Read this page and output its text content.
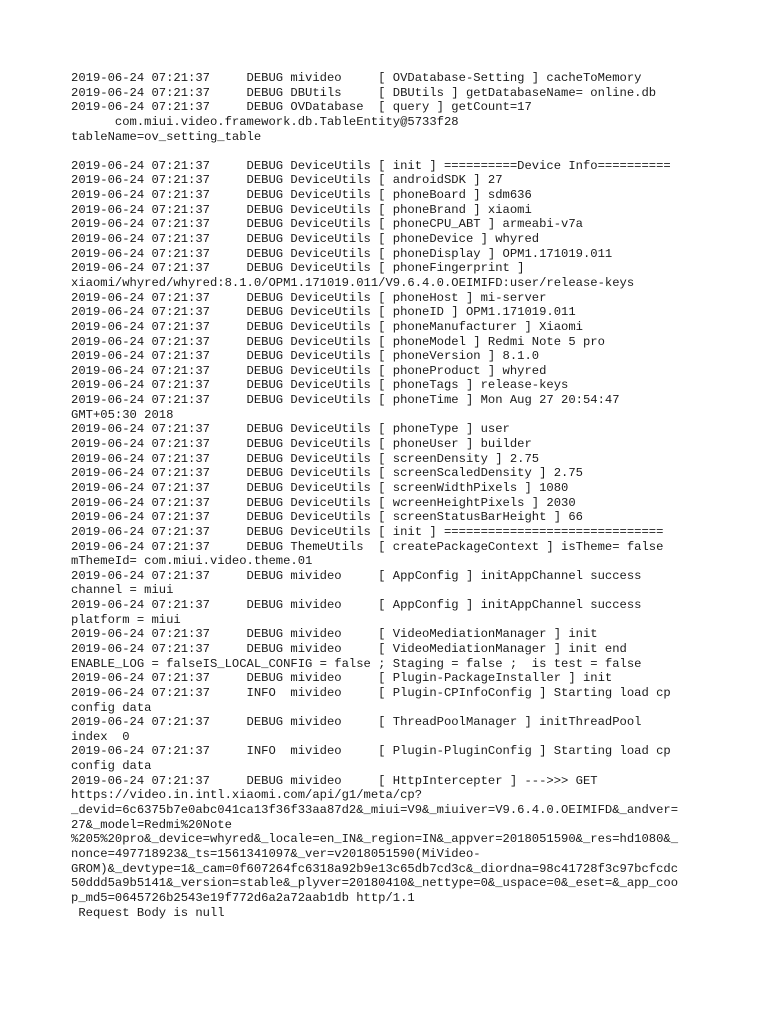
2019-06-24 07:21:37     DEBUG mivideo     [ OVDatabase-Setting ] cacheToMemory
2019-06-24 07:21:37     DEBUG DBUtils     [ DBUtils ] getDatabaseName= online.db
2019-06-24 07:21:37     DEBUG OVDatabase  [ query ] getCount=17
com.miui.video.framework.db.TableEntity@5733f28
tableName=ov_setting_table
2019-06-24 07:21:37     DEBUG DeviceUtils [ init ] ==========Device Info==========
2019-06-24 07:21:37     DEBUG DeviceUtils [ androidSDK ] 27
2019-06-24 07:21:37     DEBUG DeviceUtils [ phoneBoard ] sdm636
2019-06-24 07:21:37     DEBUG DeviceUtils [ phoneBrand ] xiaomi
2019-06-24 07:21:37     DEBUG DeviceUtils [ phoneCPU_ABT ] armeabi-v7a
2019-06-24 07:21:37     DEBUG DeviceUtils [ phoneDevice ] whyred
2019-06-24 07:21:37     DEBUG DeviceUtils [ phoneDisplay ] OPM1.171019.011
2019-06-24 07:21:37     DEBUG DeviceUtils [ phoneFingerprint ]
xiaomi/whyred/whyred:8.1.0/OPM1.171019.011/V9.6.4.0.OEIMIFD:user/release-keys
2019-06-24 07:21:37     DEBUG DeviceUtils [ phoneHost ] mi-server
2019-06-24 07:21:37     DEBUG DeviceUtils [ phoneID ] OPM1.171019.011
2019-06-24 07:21:37     DEBUG DeviceUtils [ phoneManufacturer ] Xiaomi
2019-06-24 07:21:37     DEBUG DeviceUtils [ phoneModel ] Redmi Note 5 pro
2019-06-24 07:21:37     DEBUG DeviceUtils [ phoneVersion ] 8.1.0
2019-06-24 07:21:37     DEBUG DeviceUtils [ phoneProduct ] whyred
2019-06-24 07:21:37     DEBUG DeviceUtils [ phoneTags ] release-keys
2019-06-24 07:21:37     DEBUG DeviceUtils [ phoneTime ] Mon Aug 27 20:54:47
GMT+05:30 2018
2019-06-24 07:21:37     DEBUG DeviceUtils [ phoneType ] user
2019-06-24 07:21:37     DEBUG DeviceUtils [ phoneUser ] builder
2019-06-24 07:21:37     DEBUG DeviceUtils [ screenDensity ] 2.75
2019-06-24 07:21:37     DEBUG DeviceUtils [ screenScaledDensity ] 2.75
2019-06-24 07:21:37     DEBUG DeviceUtils [ screenWidthPixels ] 1080
2019-06-24 07:21:37     DEBUG DeviceUtils [ wcreenHeightPixels ] 2030
2019-06-24 07:21:37     DEBUG DeviceUtils [ screenStatusBarHeight ] 66
2019-06-24 07:21:37     DEBUG DeviceUtils [ init ] ==============================
2019-06-24 07:21:37     DEBUG ThemeUtils  [ createPackageContext ] isTheme= false
mThemeId= com.miui.video.theme.01
2019-06-24 07:21:37     DEBUG mivideo     [ AppConfig ] initAppChannel success
channel = miui
2019-06-24 07:21:37     DEBUG mivideo     [ AppConfig ] initAppChannel success
platform = miui
2019-06-24 07:21:37     DEBUG mivideo     [ VideoMediationManager ] init
2019-06-24 07:21:37     DEBUG mivideo     [ VideoMediationManager ] init end
ENABLE_LOG = falseIS_LOCAL_CONFIG = false ; Staging = false ;  is test = false
2019-06-24 07:21:37     DEBUG mivideo     [ Plugin-PackageInstaller ] init
2019-06-24 07:21:37     INFO  mivideo     [ Plugin-CPInfoConfig ] Starting load cp
config data
2019-06-24 07:21:37     DEBUG mivideo     [ ThreadPoolManager ] initThreadPool
index  0
2019-06-24 07:21:37     INFO  mivideo     [ Plugin-PluginConfig ] Starting load cp
config data
2019-06-24 07:21:37     DEBUG mivideo     [ HttpIntercepter ] --->>> GET
https://video.in.intl.xiaomi.com/api/g1/meta/cp?
_devid=6c6375b7e0abc041ca13f36f33aa87d2&_miui=V9&_miuiver=V9.6.4.0.OEIMIFD&_andver=
27&_model=Redmi%20Note
%205%20pro&_device=whyred&_locale=en_IN&_region=IN&_appver=2018051590&_res=hd1080&_
nonce=497718923&_ts=1561341097&_ver=v2018051590(MiVideo-
GROM)&_devtype=1&_cam=0f607264fc6318a92b9e13c65db7cd3c&_diordna=98c41728f3c97bcfcdc
50ddd5a9b5141&_version=stable&_plyver=20180410&_nettype=0&_uspace=0&_eset=&_app_coo
p_md5=0645726b2543e19f772d6a2a72aab1db http/1.1
Request Body is null
